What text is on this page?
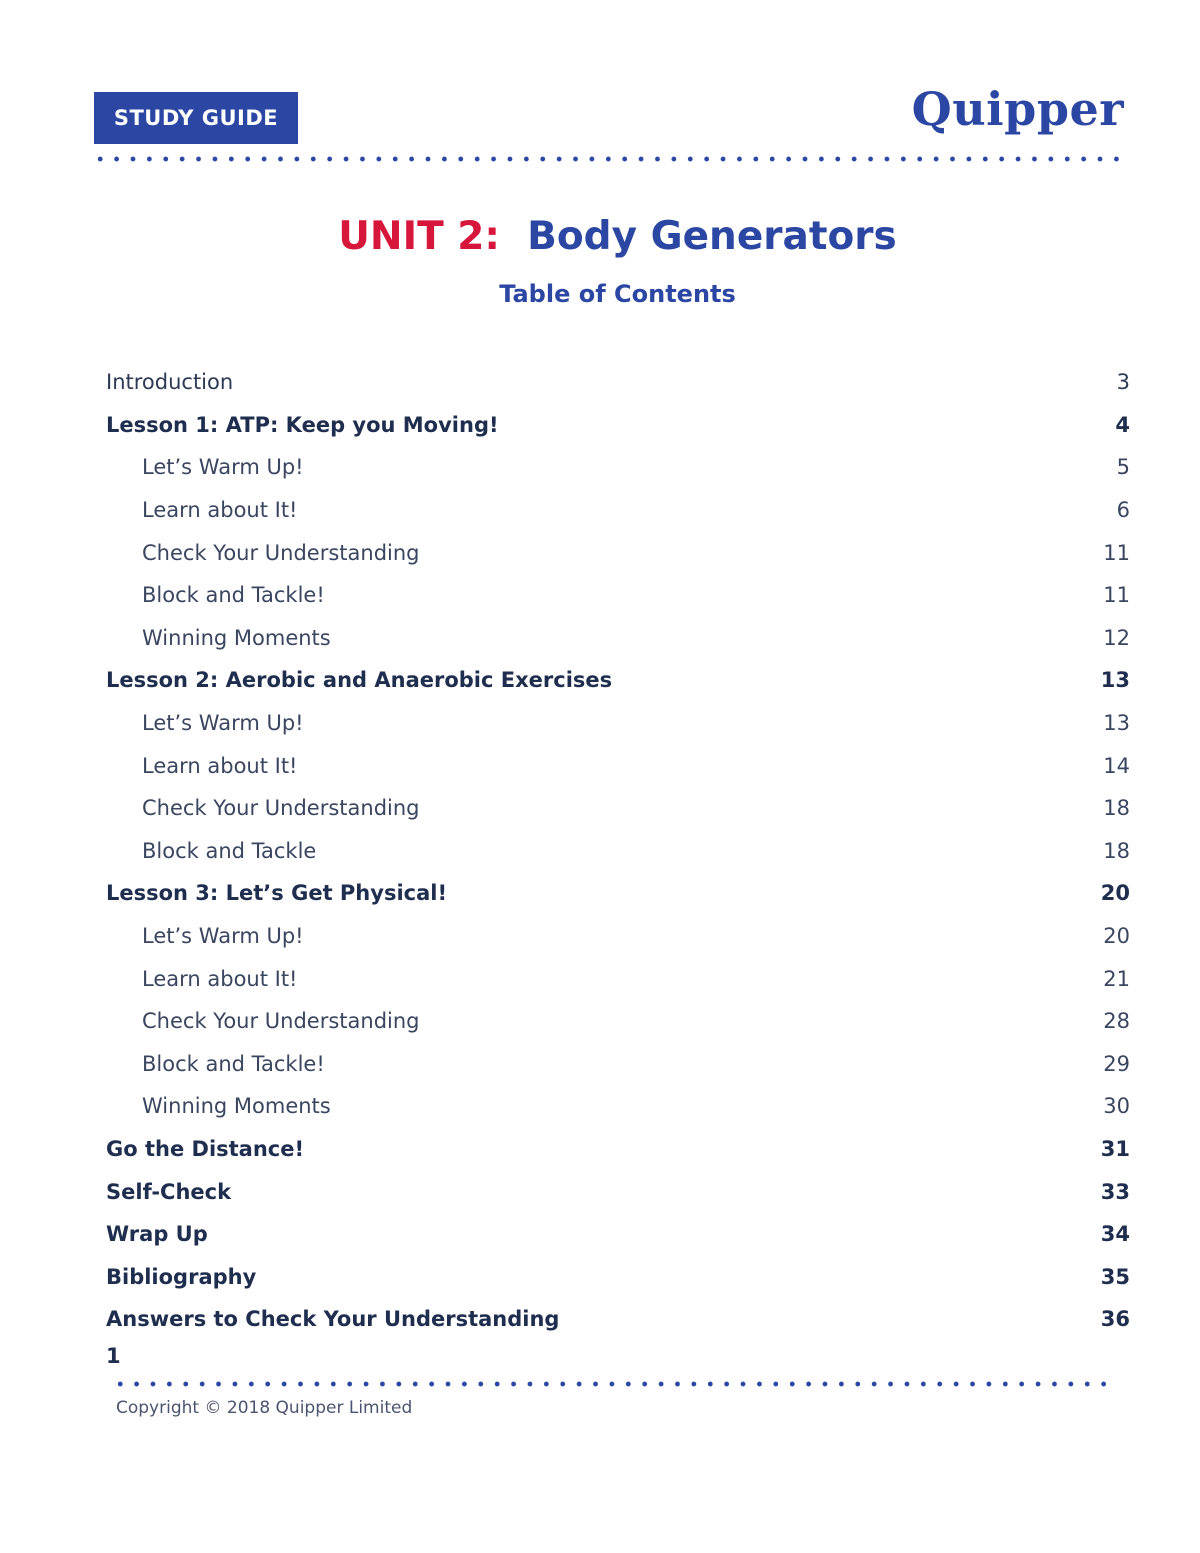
STUDY GUIDE	Quipper
UNIT 2: Body Generators
Table of Contents
Introduction	3
Lesson 1: ATP: Keep you Moving!	4
Let’s Warm Up!	5
Learn about It!	6
Check Your Understanding	11
Block and Tackle!	11
Winning Moments	12
Lesson 2: Aerobic and Anaerobic Exercises	13
Let’s Warm Up!	13
Learn about It!	14
Check Your Understanding	18
Block and Tackle	18
Lesson 3: Let’s Get Physical!	20
Let’s Warm Up!	20
Learn about It!	21
Check Your Understanding	28
Block and Tackle!	29
Winning Moments	30
Go the Distance!	31
Self-Check	33
Wrap Up	34
Bibliography	35
Answers to Check Your Understanding	36
1
Copyright © 2018 Quipper Limited
